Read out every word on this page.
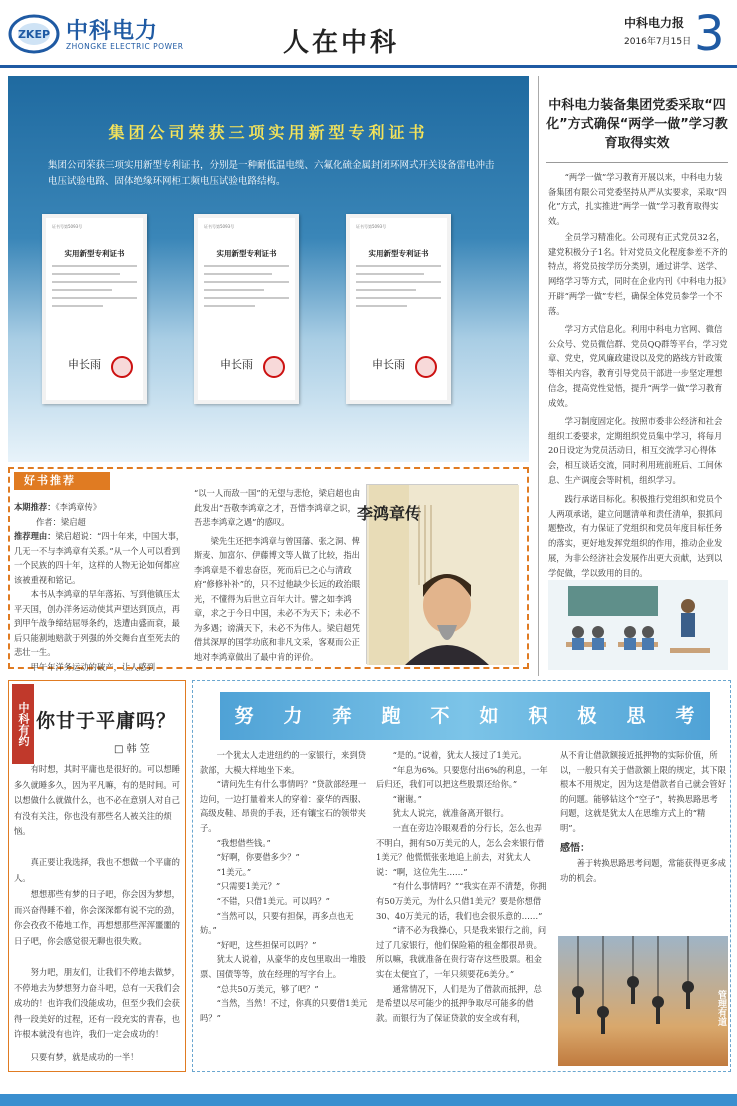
ZKEP 中科电力
ZHONGKE ELECTRIC POWER	人在中科
中科电力报
2016年7月15日 3
集团公司荣获三项实用新型专利证书
集团公司荣获三项实用新型专利证书，分别是一种耐低温电缆、六氟化硫金属封闭环网式开关设备雷电冲击电压试验电路、固体绝缘环网柜工频电压试验电路结构。
证书号第5093号
实用新型专利证书
申长雨
证书号第5093号
实用新型专利证书
申长雨
证书号第5093号
实用新型专利证书
申长雨
中科电力装备集团党委采取“四化”方式确保“两学一做”学习教育取得实效

“两学一做”学习教育开展以来，中科电力装备集团有限公司党委坚持从严从实要求，采取“四化”方式，扎实推进“两学一做”学习教育取得实效。

全员学习精准化。公司现有正式党员32名，建党积极分子1名。针对党员文化程度参差不齐的特点，将党员按学历分类别，通过讲学、送学、网络学习等方式，同时在企业内刊《中科电力报》开辟“两学一做”专栏，确保全体党员参学一个不落。

学习方式信息化。利用中科电力官网、微信公众号、党员微信群、党员QQ群等平台，学习党章、党史，党风廉政建设以及党的路线方针政策等相关内容，教育引导党员干部进一步坚定理想信念，提高党性觉悟，提升“两学一做”学习教育成效。

学习制度固定化。按照市委非公经济和社会组织工委要求，定期组织党员集中学习，将每月20日设定为党员活动日，相互交流学习心得体会，相互谈话交流，同时利用班前班后、工间休息、生产调度会等时机，组织学习。

践行承诺目标化。积极推行党组织和党员个人两项承诺，建立问题清单和责任清单，狠抓问题整改，有力保证了党组织和党员年度目标任务的落实，更好地发挥党组织的作用，推动企业发展，为非公经济社会发展作出更大贡献，达到以学促做，学以致用的目的。

好书推荐
本期推荐：《李鸿章传》
作者：梁启超
推荐理由：梁启超说：“四十年来，中国大事，几无一不与李鸿章有关系。”从一个人可以看到一个民族的四十年，这样的人物无论如何都应该被重视和铭记。

本书从李鸿章的早年落拓、写到他镇压太平天国，创办洋务运动使其声望达到顶点，再到甲午战争缔结屈辱条约，迭遭由盛而衰，最后只能割地赔款于列强的外交舞台直至死去的悲壮一生。

甲午年洋务运动的破产，让人感到

“以一人而敌一国”的无望与悲怆，梁启超也由此发出“吾敬李鸿章之才，吾惜李鸿章之识，吾悲李鸿章之遇”的感叹。

梁先生还把李鸿章与曾国藩、张之洞、俾斯麦、加富尔、伊藤博文等人做了比较，指出李鸿章是不着忠奋臣，死而后已之心与清政府“修修补补”的，只不过他缺少长远的政治眼光，不懂得为后世立百年大计。譬之如李鸿章，求之于今日中国，未必不为天下；未必不为多遇；谤满天下，未必不为伟人。梁启超凭借其深厚的国学功底和非凡文采，客观而公正地对李鸿章做出了最中肯的评价。

李鸿章传
中科有约 你甘于平庸吗？
□ 韩 笠

有时想，其时平庸也是很好的。可以想睡多久就睡多久，因为平凡嘛，有的是时间。可以想做什么就做什么，也不必在意别人对自己有没有关注，你也没有那些名人被关注的烦恼。

真正要让我选择，我也不想做一个平庸的人。

想想那些有梦的日子吧，你会因为梦想，而兴奋得睡不着，你会深深都有说不完的劲，你会孜孜不倦地工作，再想想那些浑浑噩噩的日子吧，你会感觉很无聊也很失败。

努力吧，朋友们，让我们不停地去做梦，不停地去为梦想努力奋斗吧，总有一天我们会成功的！也许我们没能成功，但至少我们会获得一段美好的过程，还有一段充实的青春，也许根本就没有也许，我们一定会成功的！

只要有梦，就是成功的一半！

努	力	奔	跑	不	如	积	极	思	考

一个犹太人走进纽约的一家银行，来到贷款部，大模大样地坐下来。

“请问先生有什么事情吗？”贷款部经理一边问，一边打量着来人的穿着：豪华的西服、高级皮鞋、昂贵的手表，还有镶宝石的领带夹子。

“我想借些钱。”

“好啊，你要借多少？”

“1美元。”

“只需要1美元？”

“不错，只借1美元。可以吗？”

“当然可以，只要有担保，再多点也无妨。”

“好吧，这些担保可以吗？”

犹太人说着，从豪华的皮包里取出一堆股票、国债等等，放在经理的写字台上。

“总共50万美元，够了吧？”

“当然，当然！不过，你真的只要借1美元吗？”

“是的。”说着，犹太人接过了1美元。

“年息为6%。只要您付出6%的利息，一年后归还，我们可以把这些股票还给你。”

“谢谢。”

犹太人说完，就准备离开银行。

一直在旁边冷眼观看的分行长，怎么也弄不明白，拥有50万美元的人，怎么会来银行借1美元？他慌慌张张地追上前去，对犹太人说：“啊，这位先生……”

“有什么事情吗？”“我实在弄不清楚，你拥有50万美元，为什么只借1美元？要是你想借30、40万美元的话，我们也会很乐意的……”

“请不必为我操心，只是我来银行之前，问过了几家银行，他们保险箱的租金都很昂贵。所以嘛，我就准备在贵行寄存这些股票。租金实在太便宜了，一年只须要花6美分。”

通常情况下，人们是为了借款而抵押，总是希望以尽可能少的抵押争取尽可能多的借款。而银行为了保证贷款的安全或有利，

从不肯让借款额接近抵押物的实际价值，所以，一般只有关于借款额上限的规定，其下限根本不用规定，因为这是借款者自己就会管好的问题。能够钻这个“空子”，转换思路思考问题，这就是犹太人在思维方式上的“精明”。

感悟：

善于转换思路思考问题，常能获得更多成功的机会。

管理有道
